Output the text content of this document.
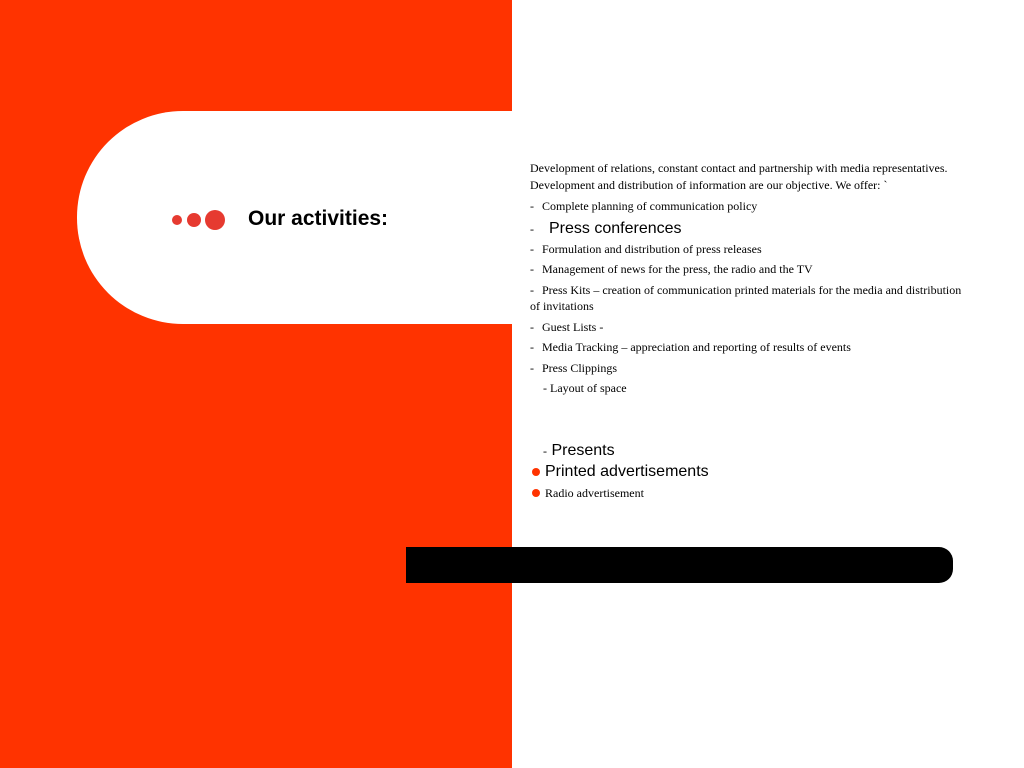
Our activities:

Development of relations, constant contact and partnership with media representatives. Development and distribution of information are our objective. We offer: `

- Complete planning of communication policy
- Press conferences
- Formulation and distribution of press releases
- Management of news for the press, the radio and the TV
- Press Kits – creation of communication printed materials for the media and distribution of invitations
- Guest Lists -
- Media Tracking – appreciation and reporting of results of events
- Press Clippings
- Layout of space
- Presents
Printed advertisements
Radio advertisement
